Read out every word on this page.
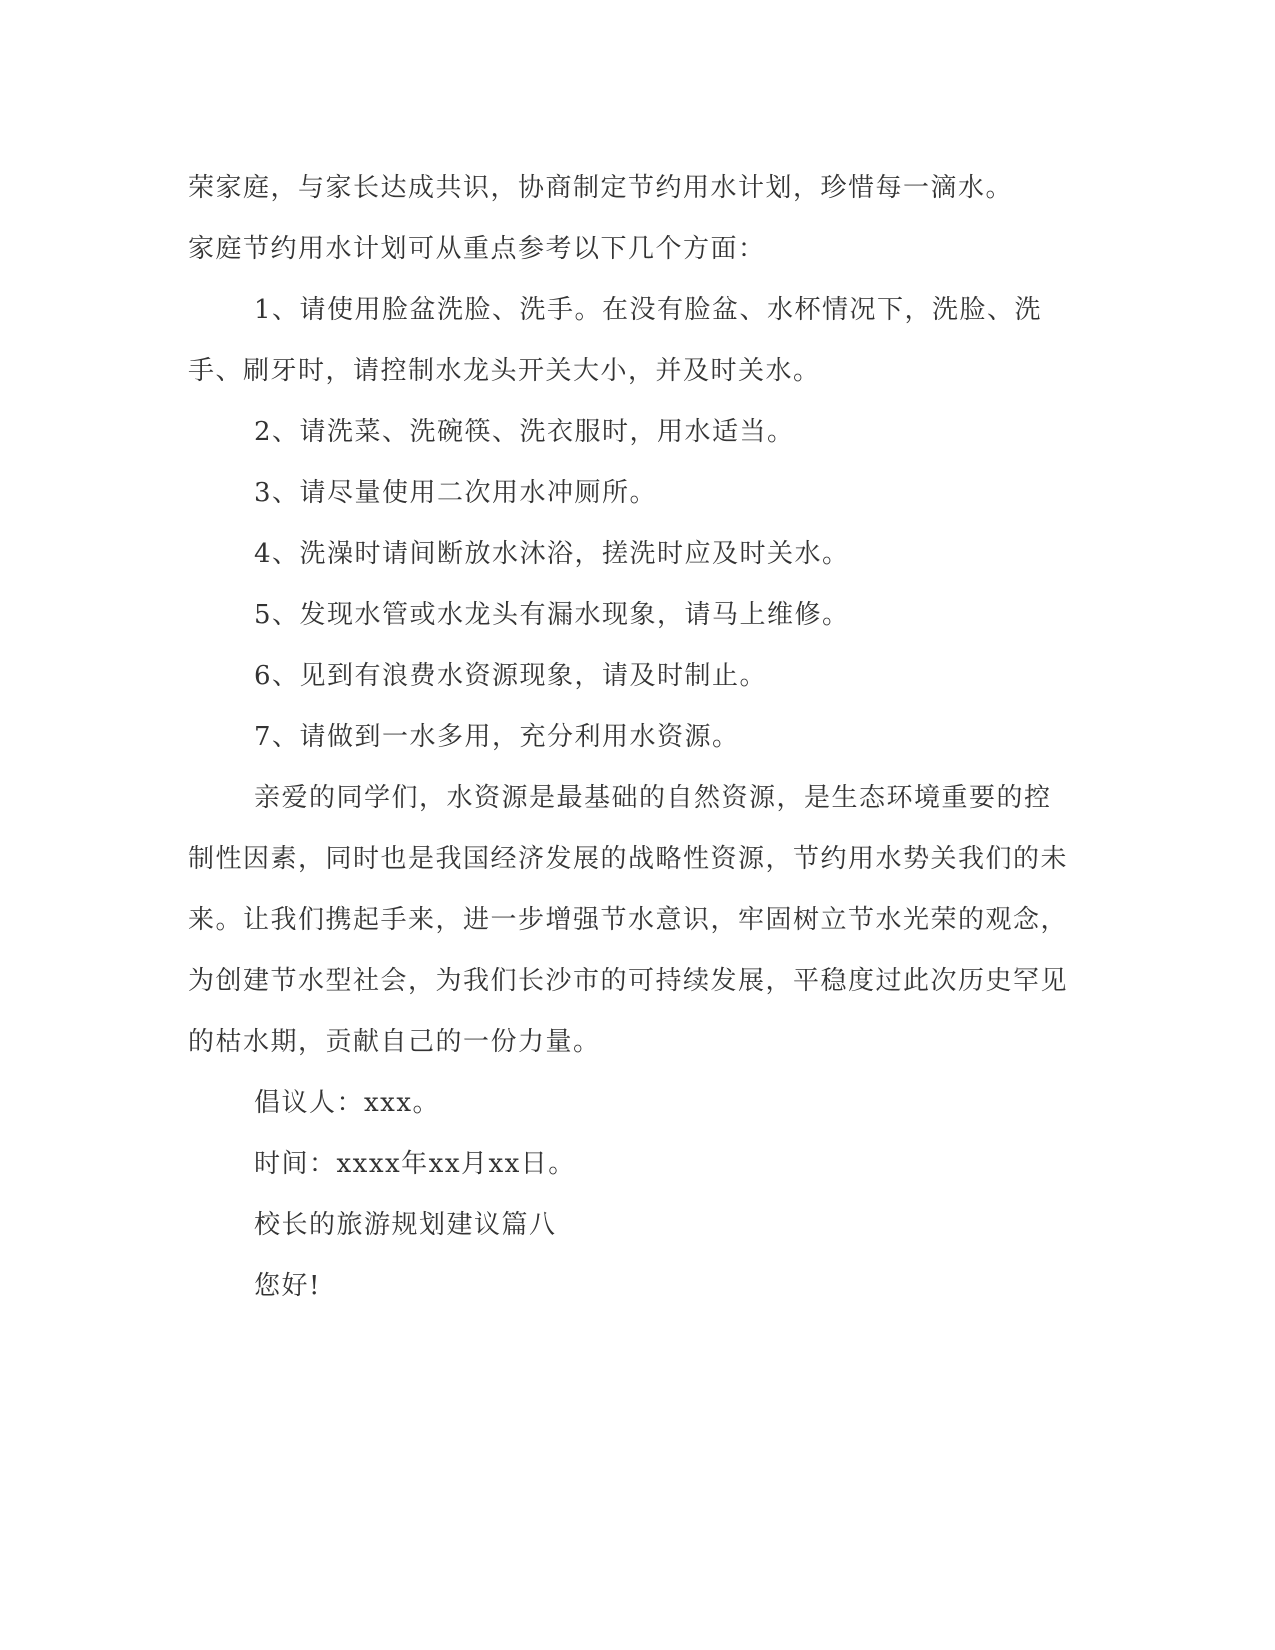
荣家庭，与家长达成共识，协商制定节约用水计划，珍惜每一滴水。

家庭节约用水计划可从重点参考以下几个方面：

1、请使用脸盆洗脸、洗手。在没有脸盆、水杯情况下，洗脸、洗手、刷牙时，请控制水龙头开关大小，并及时关水。

2、请洗菜、洗碗筷、洗衣服时，用水适当。

3、请尽量使用二次用水冲厕所。

4、洗澡时请间断放水沐浴，搓洗时应及时关水。

5、发现水管或水龙头有漏水现象，请马上维修。

6、见到有浪费水资源现象，请及时制止。

7、请做到一水多用，充分利用水资源。

亲爱的同学们，水资源是最基础的自然资源，是生态环境重要的控制性因素，同时也是我国经济发展的战略性资源，节约用水势关我们的未来。让我们携起手来，进一步增强节水意识，牢固树立节水光荣的观念，为创建节水型社会，为我们长沙市的可持续发展，平稳度过此次历史罕见的枯水期，贡献自己的一份力量。

倡议人：xxx。

时间：xxxx年xx月xx日。

校长的旅游规划建议篇八

您好!
